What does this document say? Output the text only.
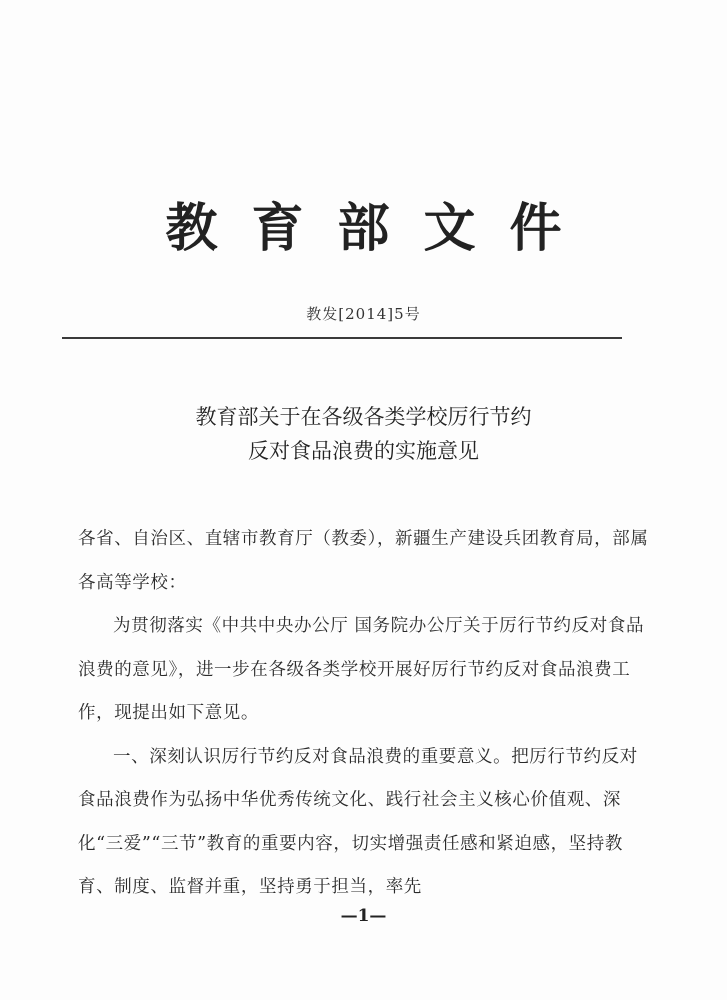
教育部文件
教发[2014]5号
教育部关于在各级各类学校厉行节约
反对食品浪费的实施意见

各省、自治区、直辖市教育厅（教委），新疆生产建设兵团教育局，部属各高等学校：

为贯彻落实《中共中央办公厅 国务院办公厅关于厉行节约反对食品浪费的意见》，进一步在各级各类学校开展好厉行节约反对食品浪费工作，现提出如下意见。

一、深刻认识厉行节约反对食品浪费的重要意义。把厉行节约反对食品浪费作为弘扬中华优秀传统文化、践行社会主义核心价值观、深化“三爱”“三节”教育的重要内容，切实增强责任感和紧迫感，坚持教育、制度、监督并重，坚持勇于担当，率先

—1—
